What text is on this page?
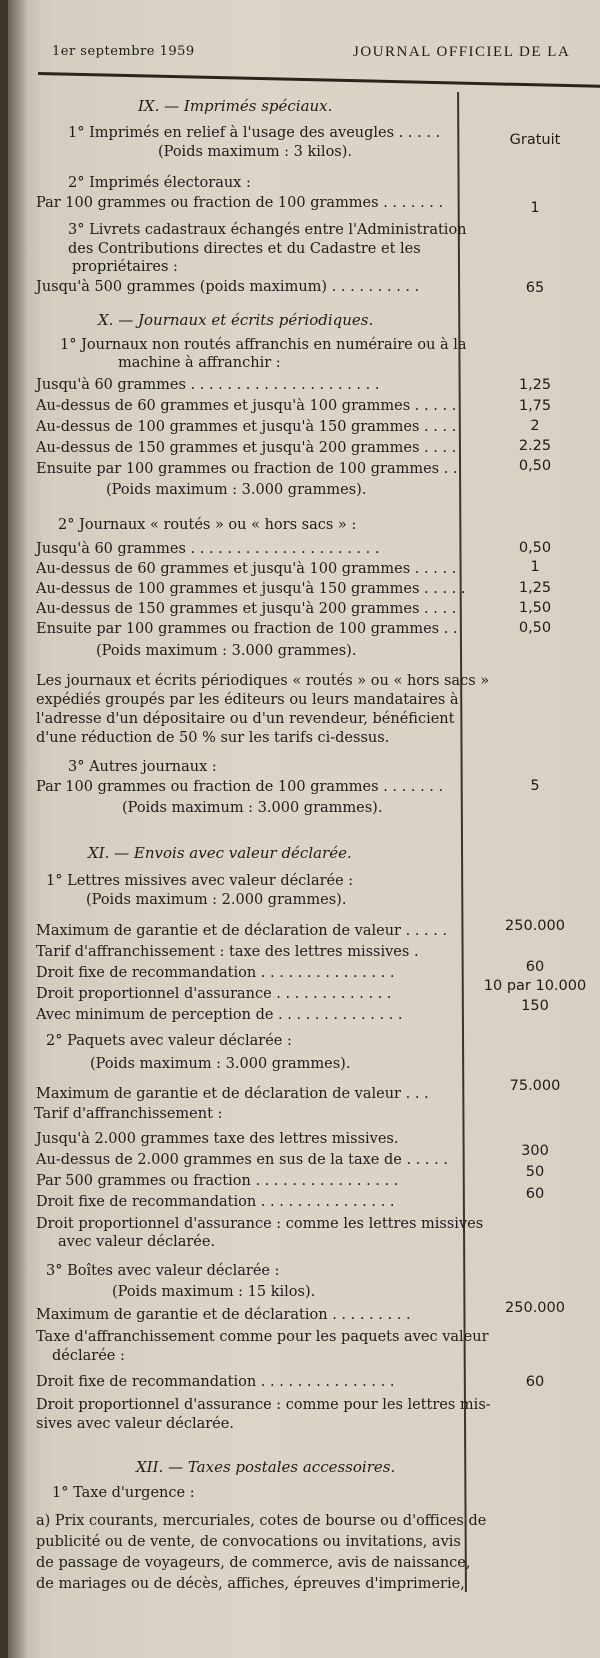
1er septembre 1959	JOURNAL OFFICIEL DE LA
IX. — Imprimés spéciaux.
1° Imprimés en relief à l'usage des aveugles . . . . .
(Poids maximum : 3 kilos).
2° Imprimés électoraux :
Par 100 grammes ou fraction de 100 grammes . . . . . . .
3° Livrets cadastraux échangés entre l'Administration
des Contributions directes et du Cadastre et les
propriétaires :
Jusqu'à 500 grammes (poids maximum) . . . . . . . . . .
Gratuit
1
65
X. — Journaux et écrits périodiques.
1° Journaux non routés affranchis en numéraire ou à la
machine à affranchir :
Jusqu'à 60 grammes . . . . . . . . . . . . . . . . . . . . .
Au-dessus de 60 grammes et jusqu'à 100 grammes . . . . .
Au-dessus de 100 grammes et jusqu'à 150 grammes . . . .
Au-dessus de 150 grammes et jusqu'à 200 grammes . . . .
Ensuite par 100 grammes ou fraction de 100 grammes . .
(Poids maximum : 3.000 grammes).
1,25
1,75
2
2.25
0,50
2° Journaux « routés » ou « hors sacs » :
Jusqu'à 60 grammes . . . . . . . . . . . . . . . . . . . . .
Au-dessus de 60 grammes et jusqu'à 100 grammes . . . . .
Au-dessus de 100 grammes et jusqu'à 150 grammes . . . . .
Au-dessus de 150 grammes et jusqu'à 200 grammes . . . .
Ensuite par 100 grammes ou fraction de 100 grammes . .
(Poids maximum : 3.000 grammes).
0,50
1
1,25
1,50
0,50
Les journaux et écrits périodiques « routés » ou « hors sacs »
expédiés groupés par les éditeurs ou leurs mandataires à
l'adresse d'un dépositaire ou d'un revendeur, bénéficient
d'une réduction de 50 % sur les tarifs ci-dessus.
3° Autres journaux :
Par 100 grammes ou fraction de 100 grammes . . . . . . .
(Poids maximum : 3.000 grammes).
5
XI. — Envois avec valeur déclarée.
1° Lettres missives avec valeur déclarée :
(Poids maximum : 2.000 grammes).
Maximum de garantie et de déclaration de valeur . . . . .
Tarif d'affranchissement : taxe des lettres missives .
Droit fixe de recommandation . . . . . . . . . . . . . . .
Droit proportionnel d'assurance . . . . . . . . . . . . .
Avec minimum de perception de . . . . . . . . . . . . . .
250.000
60
10 par 10.000
150
2° Paquets avec valeur déclarée :
(Poids maximum : 3.000 grammes).
Maximum de garantie et de déclaration de valeur . . .
Tarif d'affranchissement :
Jusqu'à 2.000 grammes taxe des lettres missives.
Au-dessus de 2.000 grammes en sus de la taxe de . . . . .
Par 500 grammes ou fraction . . . . . . . . . . . . . . . .
Droit fixe de recommandation . . . . . . . . . . . . . . .
Droit proportionnel d'assurance : comme les lettres missives
avec valeur déclarée.
75.000
300
50
60
3° Boîtes avec valeur déclarée :
(Poids maximum : 15 kilos).
Maximum de garantie et de déclaration . . . . . . . . .
Taxe d'affranchissement comme pour les paquets avec valeur
déclarée :
Droit fixe de recommandation . . . . . . . . . . . . . . .
Droit proportionnel d'assurance : comme pour les lettres mis-
sives avec valeur déclarée.
250.000
60
XII. — Taxes postales accessoires.
1° Taxe d'urgence :
a) Prix courants, mercuriales, cotes de bourse ou d'offices de
publicité ou de vente, de convocations ou invitations, avis
de passage de voyageurs, de commerce, avis de naissance,
de mariages ou de décès, affiches, épreuves d'imprimerie,
